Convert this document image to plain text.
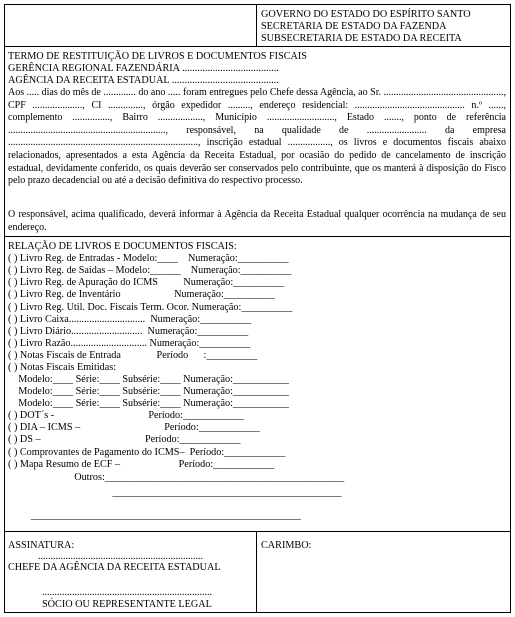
GOVERNO DO ESTADO DO ESPÍRITO SANTO
SECRETARIA DE ESTADO DA FAZENDA
SUBSECRETARIA DE ESTADO DA RECEITA
TERMO DE RESTITUIÇÃO DE LIVROS E DOCUMENTOS FISCAIS
GERÊNCIA REGIONAL FAZENDÁRIA ......................................
AGÊNCIA DA RECEITA ESTADUAL ..........................................
Aos ..... dias do mês de ............. do ano ..... foram entregues pelo Chefe dessa Agência, ao Sr. ................................................, CPF ...................., CI .............., órgão expedidor ........., endereço residencial: ............................................ n.º ......, complemento ..............., Bairro .................., Município ..........................., Estado ......., ponto de referência ..............................................................., responsável, na qualidade de ........................ da empresa ............................................................................, inscrição estadual ................., os livros e documentos fiscais abaixo relacionados, apresentados a esta Agência da Receita Estadual, por ocasião do pedido de cancelamento de inscrição estadual, devidamente conferido, os quais deverão ser conservados pelo contribuinte, que os manterá à disposição do Fisco pelo prazo decadencial ou até a decisão definitiva do respectivo processo.
O responsável, acima qualificado, deverá informar à Agência da Receita Estadual qualquer ocorrência na mudança de seu endereço.
RELAÇÃO DE LIVROS E DOCUMENTOS FISCAIS:
( ) Livro Reg. de Entradas - Modelo:____    Numeração:__________
( ) Livro Reg. de Saídas – Modelo:______    Numeração:__________
( ) Livro Reg. de Apuração do ICMS          Numeração:__________
( ) Livro Reg. de Inventário                     Numeração:__________
( ) Livro Reg. Util. Doc. Fiscais Term. Ocor. Numeração:__________
( ) Livro Caixa..............................  Numeração:__________
( ) Livro Diário............................  Numeração:__________
( ) Livro Razão.............................. Numeração:__________
( ) Notas Fiscais de Entrada              Período      :__________
( ) Notas Fiscais Emitidas:
Modelo:____ Série:____ Subsérie:____ Numeração:___________
Modelo:____ Série:____ Subsérie:____ Numeração:___________
Modelo:____ Série:____ Subsérie:____ Numeração:___________
( ) DOT´s -                                     Período:____________
( ) DIA – ICMS –                                 Período:____________
( ) DS –                                         Período:____________
( ) Comprovantes de Pagamento do ICMS–  Período:____________
( ) Mapa Resumo de ECF –                       Período:____________
Outros:_______________________________________________
_____________________________________________
_____________________________________________________
ASSINATURA:
..................................................................
CHEFE DA AGÊNCIA DA RECEITA ESTADUAL
....................................................................
SÓCIO OU REPRESENTANTE LEGAL
CARIMBO:
